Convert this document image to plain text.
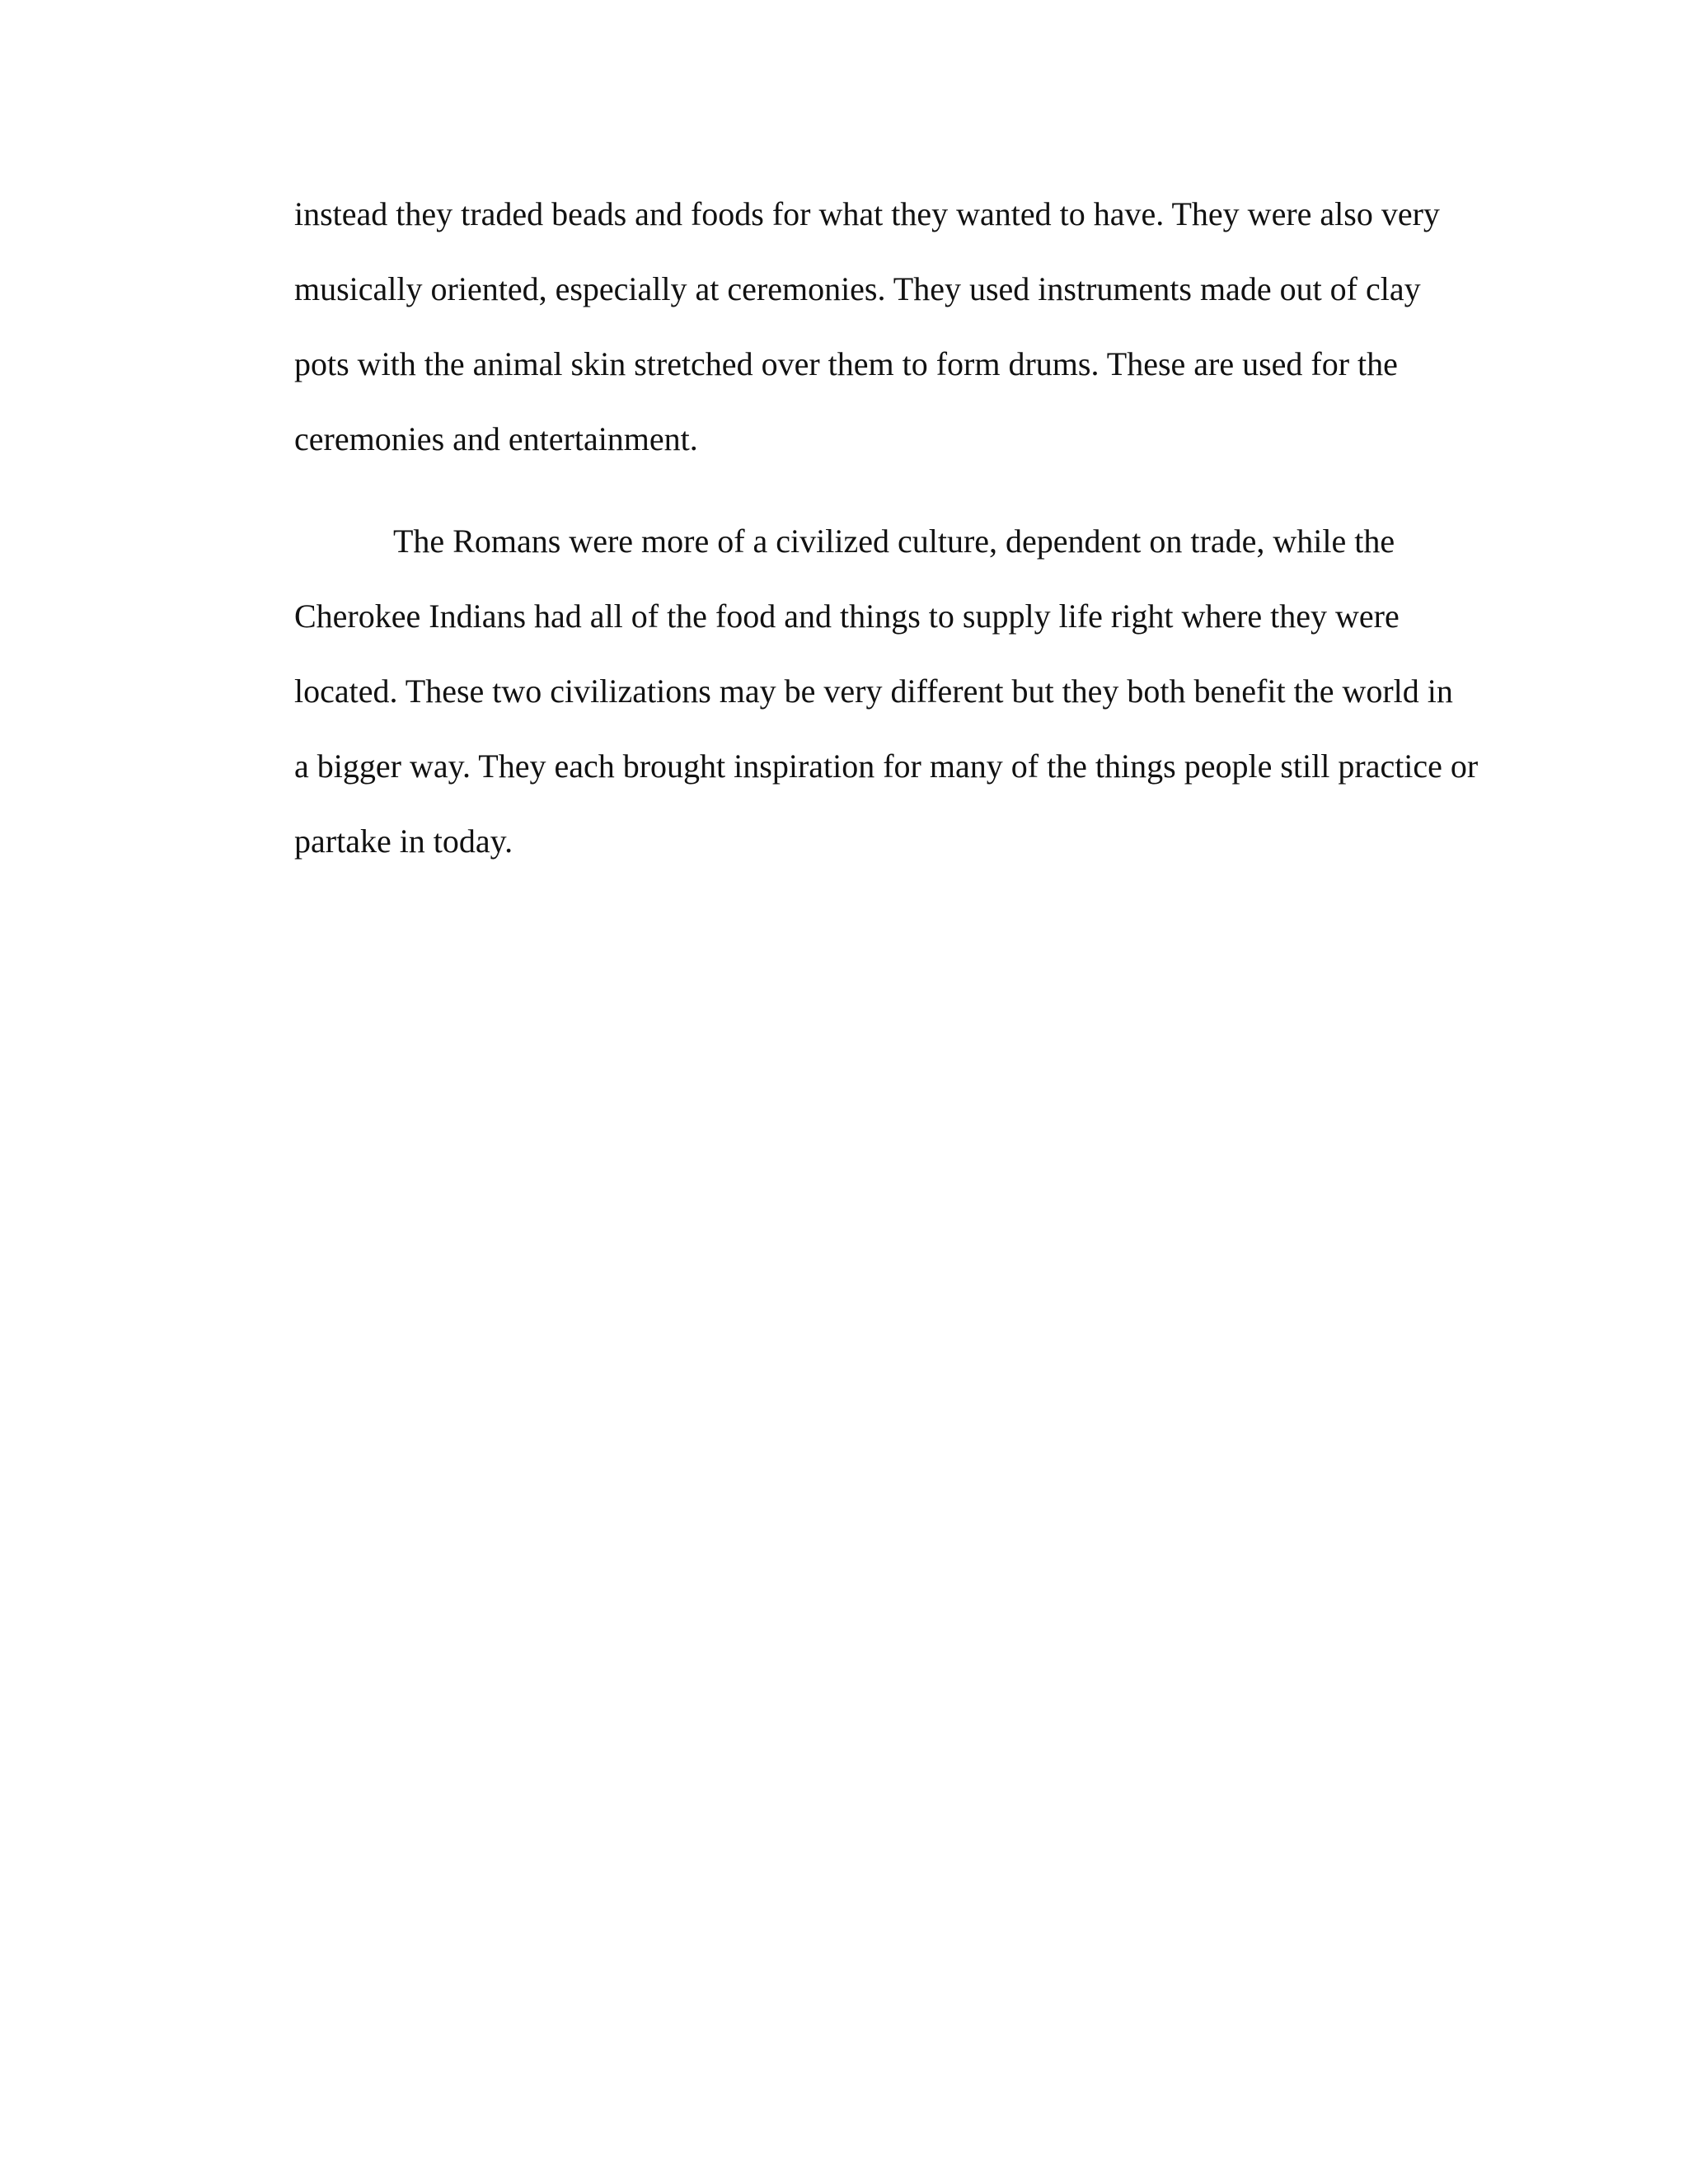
instead they traded beads and foods for what they wanted to have. They were also very
musically oriented, especially at ceremonies. They used instruments made out of clay
pots with the animal skin stretched over them to form drums. These are used for the
ceremonies and entertainment.
The Romans were more of a civilized culture, dependent on trade, while the
Cherokee Indians had all of the food and things to supply life right where they were
located. These two civilizations may be very different but they both benefit the world in
a bigger way. They each brought inspiration for many of the things people still practice or
partake in today.
